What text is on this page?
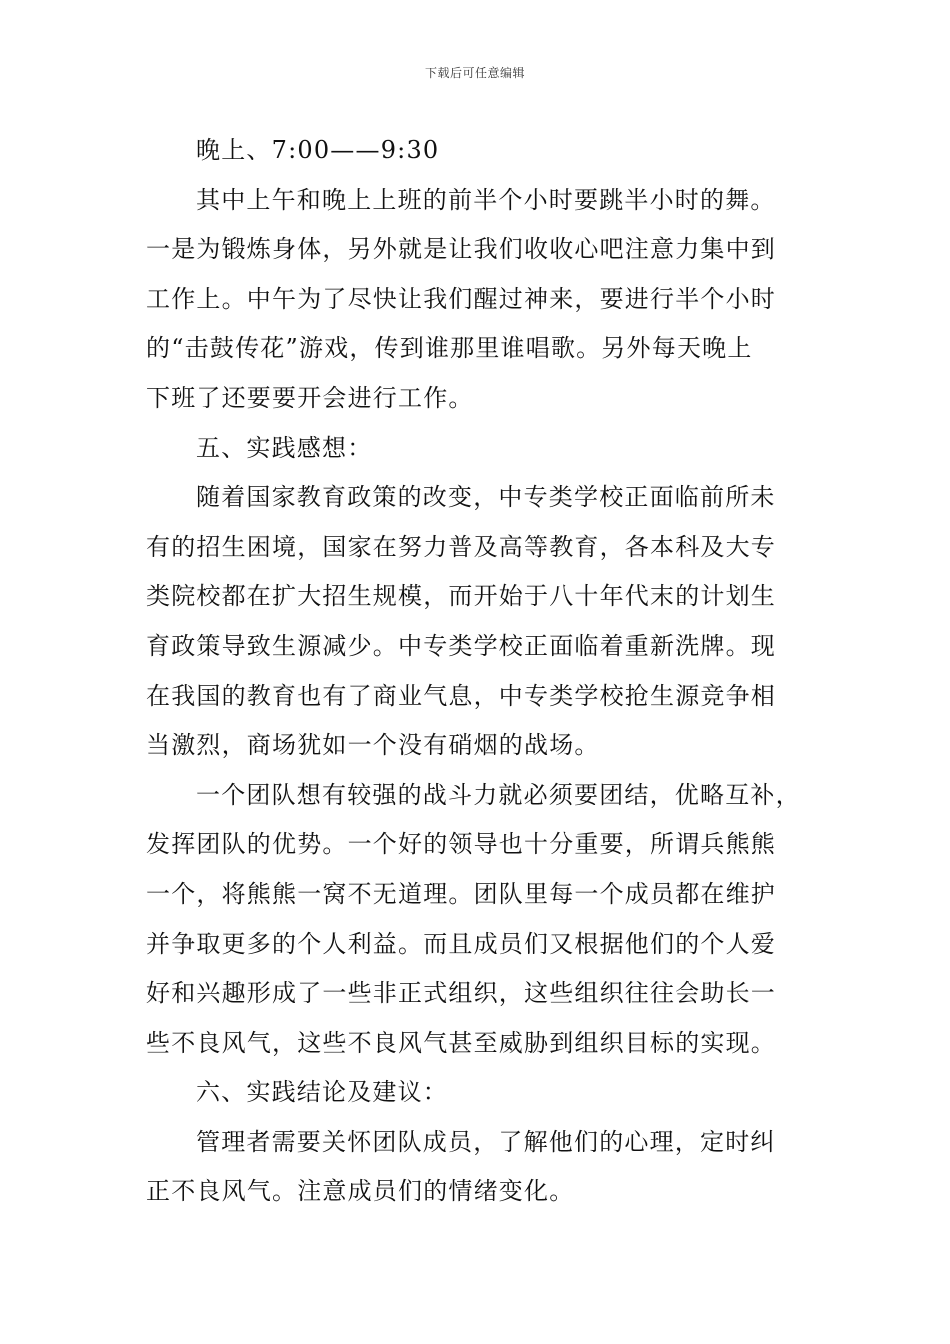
下载后可任意编辑
晚上、7:00——9:30
其中上午和晚上上班的前半个小时要跳半小时的舞。
一是为锻炼身体，另外就是让我们收收心吧注意力集中到
工作上。中午为了尽快让我们醒过神来，要进行半个小时
的“击鼓传花”游戏，传到谁那里谁唱歌。另外每天晚上
下班了还要要开会进行工作。
五、实践感想：
随着国家教育政策的改变，中专类学校正面临前所未
有的招生困境，国家在努力普及高等教育，各本科及大专
类院校都在扩大招生规模，而开始于八十年代末的计划生
育政策导致生源减少。中专类学校正面临着重新洗牌。现
在我国的教育也有了商业气息，中专类学校抢生源竞争相
当激烈，商场犹如一个没有硝烟的战场。
一个团队想有较强的战斗力就必须要团结，优略互补，
发挥团队的优势。一个好的领导也十分重要，所谓兵熊熊
一个，将熊熊一窝不无道理。团队里每一个成员都在维护
并争取更多的个人利益。而且成员们又根据他们的个人爱
好和兴趣形成了一些非正式组织，这些组织往往会助长一
些不良风气，这些不良风气甚至威胁到组织目标的实现。
六、实践结论及建议：
管理者需要关怀团队成员，了解他们的心理，定时纠
正不良风气。注意成员们的情绪变化。
